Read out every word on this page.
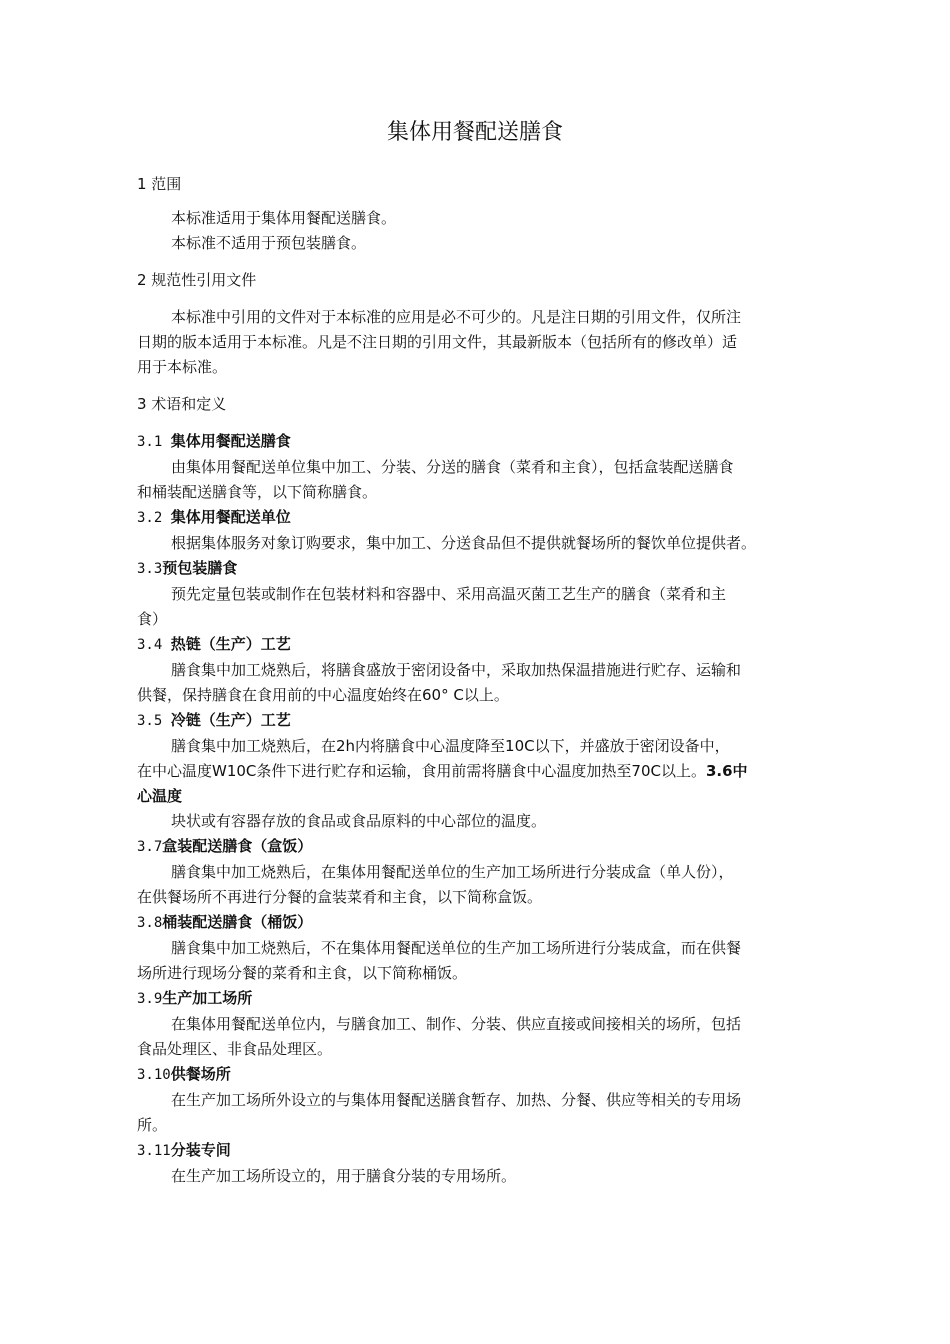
集体用餐配送膳食
1 范围
本标准适用于集体用餐配送膳食。
本标准不适用于预包装膳食。
2 规范性引用文件
本标准中引用的文件对于本标准的应用是必不可少的。凡是注日期的引用文件，仅所注
日期的版本适用于本标准。凡是不注日期的引用文件，其最新版本（包括所有的修改单）适
用于本标准。
3 术语和定义
3.1 集体用餐配送膳食
由集体用餐配送单位集中加工、分装、分送的膳食（菜肴和主食），包括盒装配送膳食
和桶装配送膳食等，以下简称膳食。
3.2 集体用餐配送单位
根据集体服务对象订购要求，集中加工、分送食品但不提供就餐场所的餐饮单位提供者。
3.3预包装膳食
预先定量包装或制作在包装材料和容器中、采用高温灭菌工艺生产的膳食（菜肴和主
食）
3.4 热链（生产）工艺
膳食集中加工烧熟后，将膳食盛放于密闭设备中，采取加热保温措施进行贮存、运输和
供餐，保持膳食在食用前的中心温度始终在60° C以上。
3.5 冷链（生产）工艺
膳食集中加工烧熟后，在2h内将膳食中心温度降至10C以下，并盛放于密闭设备中，
在中心温度W10C条件下进行贮存和运输，食用前需将膳食中心温度加热至70C以上。3.6中
心温度
块状或有容器存放的食品或食品原料的中心部位的温度。
3.7盒装配送膳食（盒饭）
膳食集中加工烧熟后，在集体用餐配送单位的生产加工场所进行分装成盒（单人份），
在供餐场所不再进行分餐的盒装菜肴和主食，以下简称盒饭。
3.8桶装配送膳食（桶饭）
膳食集中加工烧熟后，不在集体用餐配送单位的生产加工场所进行分装成盒，而在供餐
场所进行现场分餐的菜肴和主食，以下简称桶饭。
3.9生产加工场所
在集体用餐配送单位内，与膳食加工、制作、分装、供应直接或间接相关的场所，包括
食品处理区、非食品处理区。
3.10供餐场所
在生产加工场所外设立的与集体用餐配送膳食暂存、加热、分餐、供应等相关的专用场
所。
3.11分装专间
在生产加工场所设立的，用于膳食分装的专用场所。
